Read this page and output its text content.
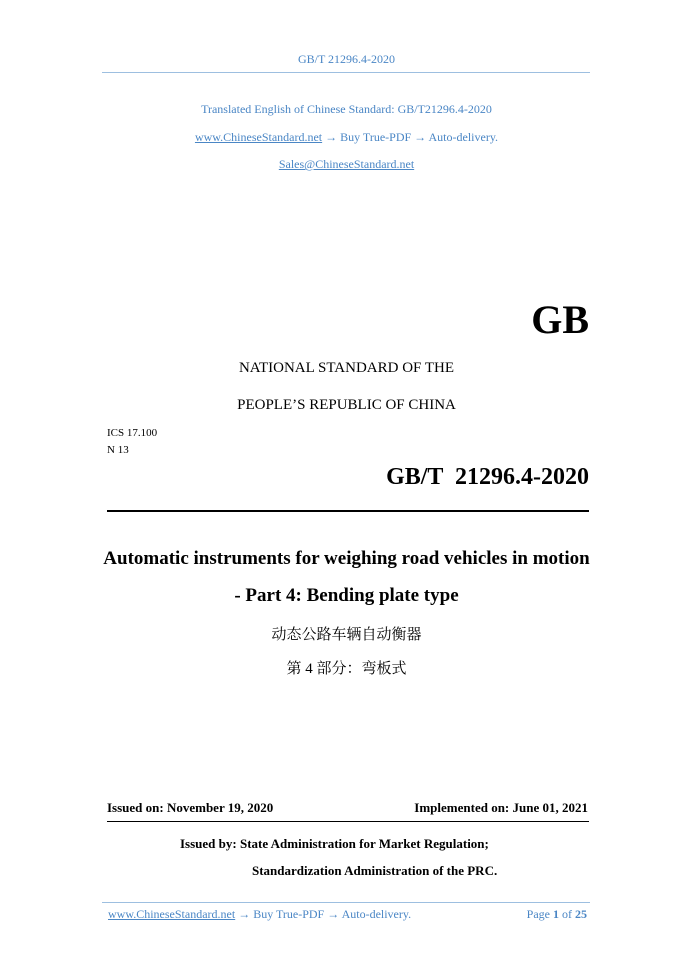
GB/T 21296.4-2020
Translated English of Chinese Standard: GB/T21296.4-2020
www.ChineseStandard.net → Buy True-PDF → Auto-delivery.
Sales@ChineseStandard.net
GB
NATIONAL STANDARD OF THE
PEOPLE’S REPUBLIC OF CHINA
ICS 17.100
N 13
GB/T  21296.4-2020
Automatic instruments for weighing road vehicles in motion
- Part 4: Bending plate type
动态公路车辆自动衡器
第 4 部分：弯板式
Issued on: November 19, 2020	Implemented on: June 01, 2021
Issued by: State Administration for Market Regulation;
Standardization Administration of the PRC.
www.ChineseStandard.net → Buy True-PDF → Auto-delivery.	Page 1 of 25
